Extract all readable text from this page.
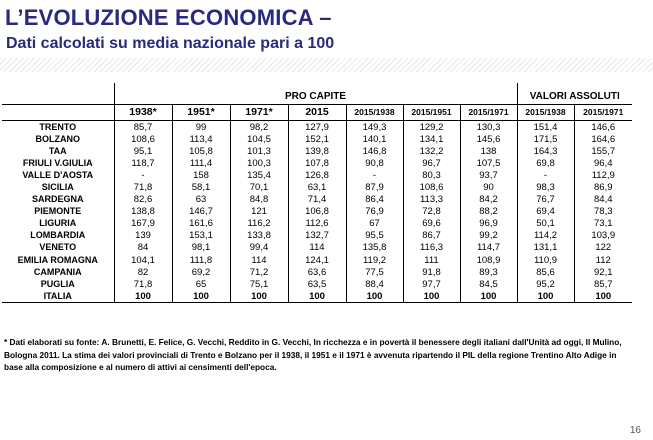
L’EVOLUZIONE ECONOMICA –
Dati calcolati su media nazionale pari a 100
	PRO CAPITE							VALORI ASSOLUTI	
	1938*	1951*	1971*	2015	2015/1938	2015/1951	2015/1971	2015/1938	2015/1971
TRENTO	85,7	99	98,2	127,9	149,3	129,2	130,3	151,4	146,6
BOLZANO	108,6	113,4	104,5	152,1	140,1	134,1	145,6	171,5	164,6
TAA	95,1	105,8	101,3	139,8	146,8	132,2	138	164,3	155,7
FRIULI V.GIULIA	118,7	111,4	100,3	107,8	90,8	96,7	107,5	69,8	96,4
VALLE D'AOSTA	-	158	135,4	126,8	-	80,3	93,7	-	112,9
SICILIA	71,8	58,1	70,1	63,1	87,9	108,6	90	98,3	86,9
SARDEGNA	82,6	63	84,8	71,4	86,4	113,3	84,2	76,7	84,4
PIEMONTE	138,8	146,7	121	106,8	76,9	72,8	88,2	69,4	78,3
LIGURIA	167,9	161,6	116,2	112,6	67	69,6	96,9	50,1	73,1
LOMBARDIA	139	153,1	133,8	132,7	95,5	86,7	99,2	114,2	103,9
VENETO	84	98,1	99,4	114	135,8	116,3	114,7	131,1	122
EMILIA ROMAGNA	104,1	111,8	114	124,1	119,2	111	108,9	110,9	112
CAMPANIA	82	69,2	71,2	63,6	77,5	91,8	89,3	85,6	92,1
PUGLIA	71,8	65	75,1	63,5	88,4	97,7	84,5	95,2	85,7
ITALIA	100	100	100	100	100	100	100	100	100
* Dati elaborati su fonte: A. Brunetti, E. Felice, G. Vecchi, Reddito in G. Vecchi, In ricchezza e in povertà il benessere degli italiani dall'Unità ad oggi, Il Mulino, Bologna 2011. La stima dei valori provinciali di Trento e Bolzano per il 1938, il 1951 e il 1971 è avvenuta ripartendo il PIL della regione Trentino Alto Adige in base alla composizione e al numero di attivi ai censimenti dell'epoca.
16
